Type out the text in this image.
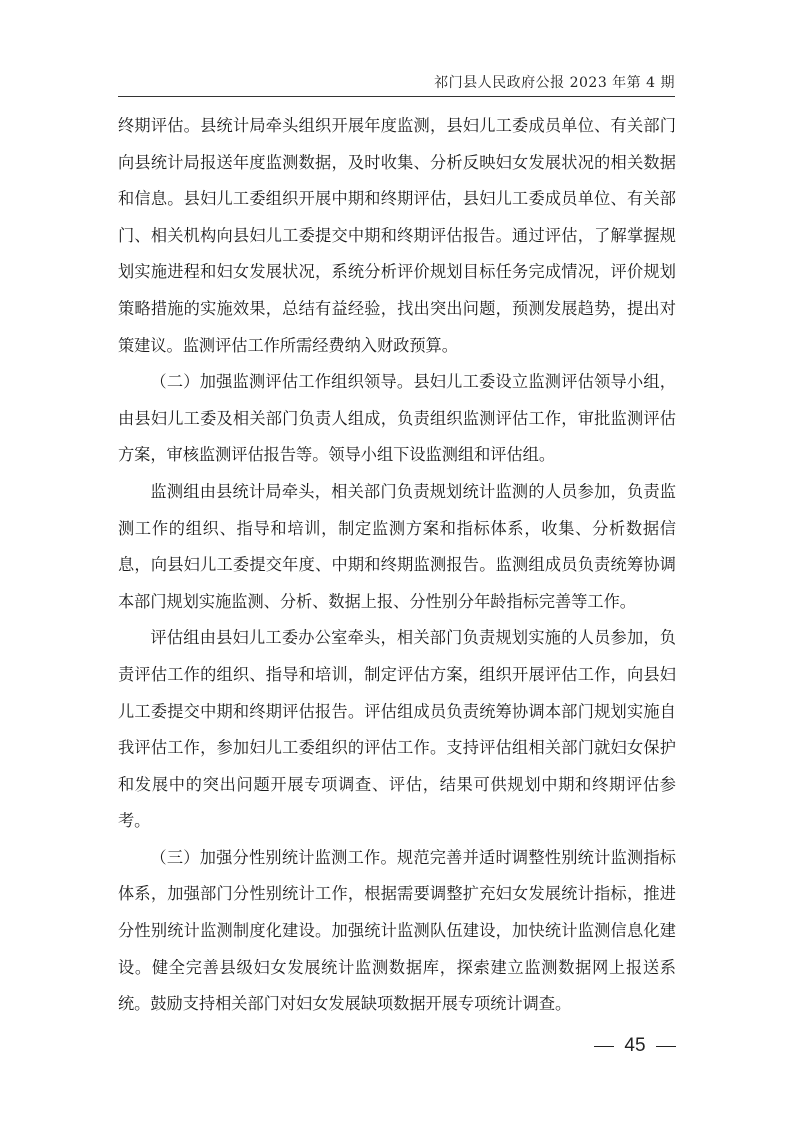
祁门县人民政府公报 2023 年第 4 期

终期评估。县统计局牵头组织开展年度监测，县妇儿工委成员单位、有关部门向县统计局报送年度监测数据，及时收集、分析反映妇女发展状况的相关数据和信息。县妇儿工委组织开展中期和终期评估，县妇儿工委成员单位、有关部门、相关机构向县妇儿工委提交中期和终期评估报告。通过评估，了解掌握规划实施进程和妇女发展状况，系统分析评价规划目标任务完成情况，评价规划策略措施的实施效果，总结有益经验，找出突出问题，预测发展趋势，提出对策建议。监测评估工作所需经费纳入财政预算。

（二）加强监测评估工作组织领导。县妇儿工委设立监测评估领导小组，由县妇儿工委及相关部门负责人组成，负责组织监测评估工作，审批监测评估方案，审核监测评估报告等。领导小组下设监测组和评估组。

监测组由县统计局牵头，相关部门负责规划统计监测的人员参加，负责监测工作的组织、指导和培训，制定监测方案和指标体系，收集、分析数据信息，向县妇儿工委提交年度、中期和终期监测报告。监测组成员负责统筹协调本部门规划实施监测、分析、数据上报、分性别分年龄指标完善等工作。

评估组由县妇儿工委办公室牵头，相关部门负责规划实施的人员参加，负责评估工作的组织、指导和培训，制定评估方案，组织开展评估工作，向县妇儿工委提交中期和终期评估报告。评估组成员负责统筹协调本部门规划实施自我评估工作，参加妇儿工委组织的评估工作。支持评估组相关部门就妇女保护和发展中的突出问题开展专项调查、评估，结果可供规划中期和终期评估参考。

（三）加强分性别统计监测工作。规范完善并适时调整性别统计监测指标体系，加强部门分性别统计工作，根据需要调整扩充妇女发展统计指标，推进分性别统计监测制度化建设。加强统计监测队伍建设，加快统计监测信息化建设。健全完善县级妇女发展统计监测数据库，探索建立监测数据网上报送系统。鼓励支持相关部门对妇女发展缺项数据开展专项统计调查。

45
